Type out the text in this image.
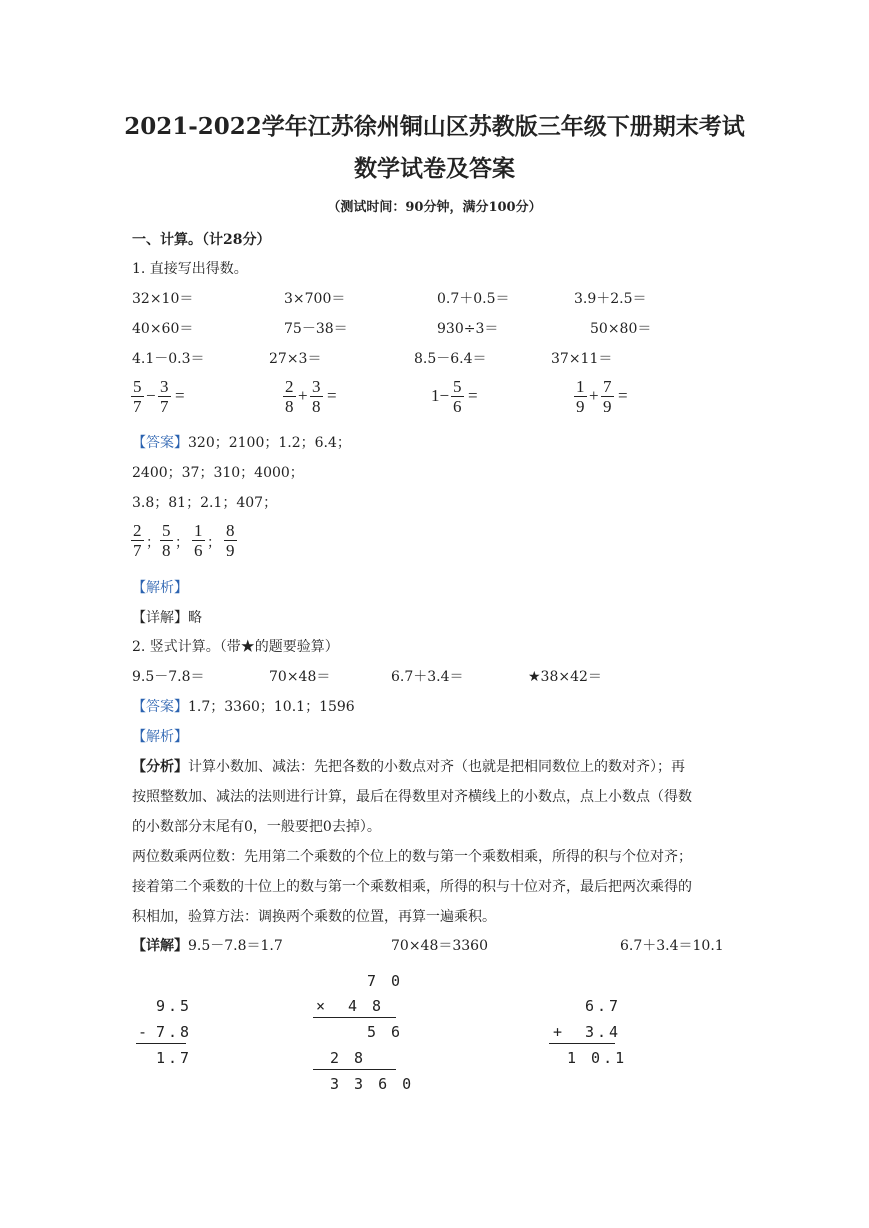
2021-2022学年江苏徐州铜山区苏教版三年级下册期末考试
数学试卷及答案
（测试时间：90分钟，满分100分）
一、计算。（计28分）
1. 直接写出得数。
32×10＝	3×700＝	0.7＋0.5＝	3.9＋2.5＝
40×60＝	75－38＝	930÷3＝	50×80＝
4.1－0.3＝	27×3＝	8.5－6.4＝	37×11＝
$\frac{5}{7} - \frac{3}{7}$ =	$\frac{2}{8} + \frac{3}{8}$ =	$1- \frac{5}{6}$ =	$\frac{1}{9} + \frac{7}{9}$ =
【答案】320；2100；1.2；6.4；
2400；37；310；4000；
3.8；81；2.1；407；
$\frac{2}{7}$ ； $\frac{5}{8}$ ； $\frac{1}{6}$ ； $\frac{8}{9}$
【解析】
【详解】略
2. 竖式计算。（带★的题要验算）
9.5－7.8＝	70×48＝	6.7＋3.4＝	★38×42＝
【答案】1.7；3360；10.1；1596
【解析】
【分析】计算小数加、减法：先把各数的小数点对齐（也就是把相同数位上的数对齐）；再
按照整数加、减法的法则进行计算，最后在得数里对齐横线上的小数点，点上小数点（得数
的小数部分末尾有0，一般要把0去掉）。
两位数乘两位数：先用第二个乘数的个位上的数与第一个乘数相乘，所得的积与个位对齐；
接着第二个乘数的十位上的数与第一个乘数相乘，所得的积与十位对齐，最后把两次乘得的
积相加，验算方法：调换两个乘数的位置，再算一遍乘积。
【详解】9.5－7.8＝1.7	70×48＝3360	6.7＋3.4＝10.1
9.5
- 7.8
1.7
7 0
× 4 8
5 6
2 8
3 3 6 0
6.7
+ 3.4
1 0.1
